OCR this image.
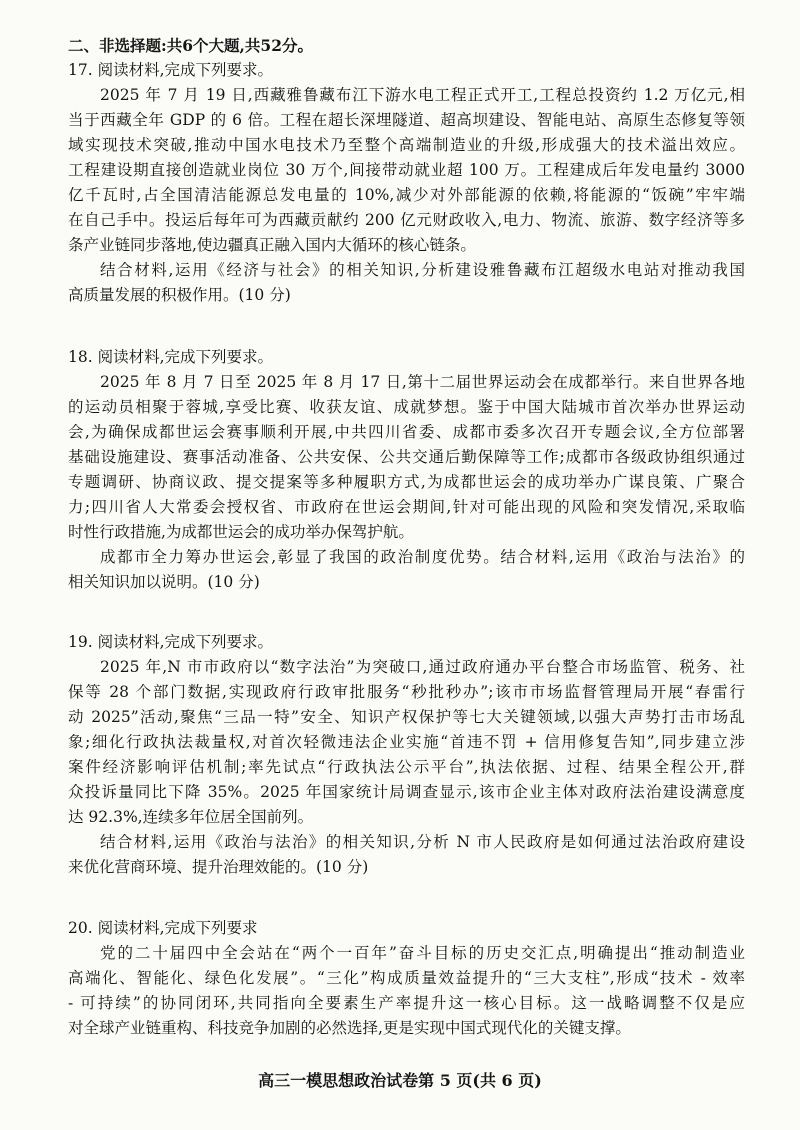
二、非选择题:共6个大题,共52分。
17. 阅读材料,完成下列要求。
2025 年 7 月 19 日,西藏雅鲁藏布江下游水电工程正式开工,工程总投资约 1.2 万亿元,相
当于西藏全年 GDP 的 6 倍。工程在超长深埋隧道、超高坝建设、智能电站、高原生态修复等领
域实现技术突破,推动中国水电技术乃至整个高端制造业的升级,形成强大的技术溢出效应。
工程建设期直接创造就业岗位 30 万个,间接带动就业超 100 万。工程建成后年发电量约 3000
亿千瓦时,占全国清洁能源总发电量的 10%,减少对外部能源的依赖,将能源的“饭碗”牢牢端
在自己手中。投运后每年可为西藏贡献约 200 亿元财政收入,电力、物流、旅游、数字经济等多
条产业链同步落地,使边疆真正融入国内大循环的核心链条。
结合材料,运用《经济与社会》的相关知识,分析建设雅鲁藏布江超级水电站对推动我国
高质量发展的积极作用。(10 分)
18. 阅读材料,完成下列要求。
2025 年 8 月 7 日至 2025 年 8 月 17 日,第十二届世界运动会在成都举行。来自世界各地
的运动员相聚于蓉城,享受比赛、收获友谊、成就梦想。鉴于中国大陆城市首次举办世界运动
会,为确保成都世运会赛事顺利开展,中共四川省委、成都市委多次召开专题会议,全方位部署
基础设施建设、赛事活动准备、公共安保、公共交通后勤保障等工作;成都市各级政协组织通过
专题调研、协商议政、提交提案等多种履职方式,为成都世运会的成功举办广谋良策、广聚合
力;四川省人大常委会授权省、市政府在世运会期间,针对可能出现的风险和突发情况,采取临
时性行政措施,为成都世运会的成功举办保驾护航。
成都市全力筹办世运会,彰显了我国的政治制度优势。结合材料,运用《政治与法治》的
相关知识加以说明。(10 分)
19. 阅读材料,完成下列要求。
2025 年,N 市市政府以“数字法治”为突破口,通过政府通办平台整合市场监管、税务、社
保等 28 个部门数据,实现政府行政审批服务“秒批秒办”;该市市场监督管理局开展“春雷行
动 2025”活动,聚焦“三品一特”安全、知识产权保护等七大关键领域,以强大声势打击市场乱
象;细化行政执法裁量权,对首次轻微违法企业实施“首违不罚 + 信用修复告知”,同步建立涉
案件经济影响评估机制;率先试点“行政执法公示平台”,执法依据、过程、结果全程公开,群
众投诉量同比下降 35%。2025 年国家统计局调查显示,该市企业主体对政府法治建设满意度
达 92.3%,连续多年位居全国前列。
结合材料,运用《政治与法治》的相关知识,分析 N 市人民政府是如何通过法治政府建设
来优化营商环境、提升治理效能的。(10 分)
20. 阅读材料,完成下列要求
党的二十届四中全会站在“两个一百年”奋斗目标的历史交汇点,明确提出“推动制造业
高端化、智能化、绿色化发展”。“三化”构成质量效益提升的“三大支柱”,形成“技术 - 效率
- 可持续”的协同闭环,共同指向全要素生产率提升这一核心目标。这一战略调整不仅是应
对全球产业链重构、科技竞争加剧的必然选择,更是实现中国式现代化的关键支撑。
高三一模思想政治试卷第 5 页(共 6 页)
